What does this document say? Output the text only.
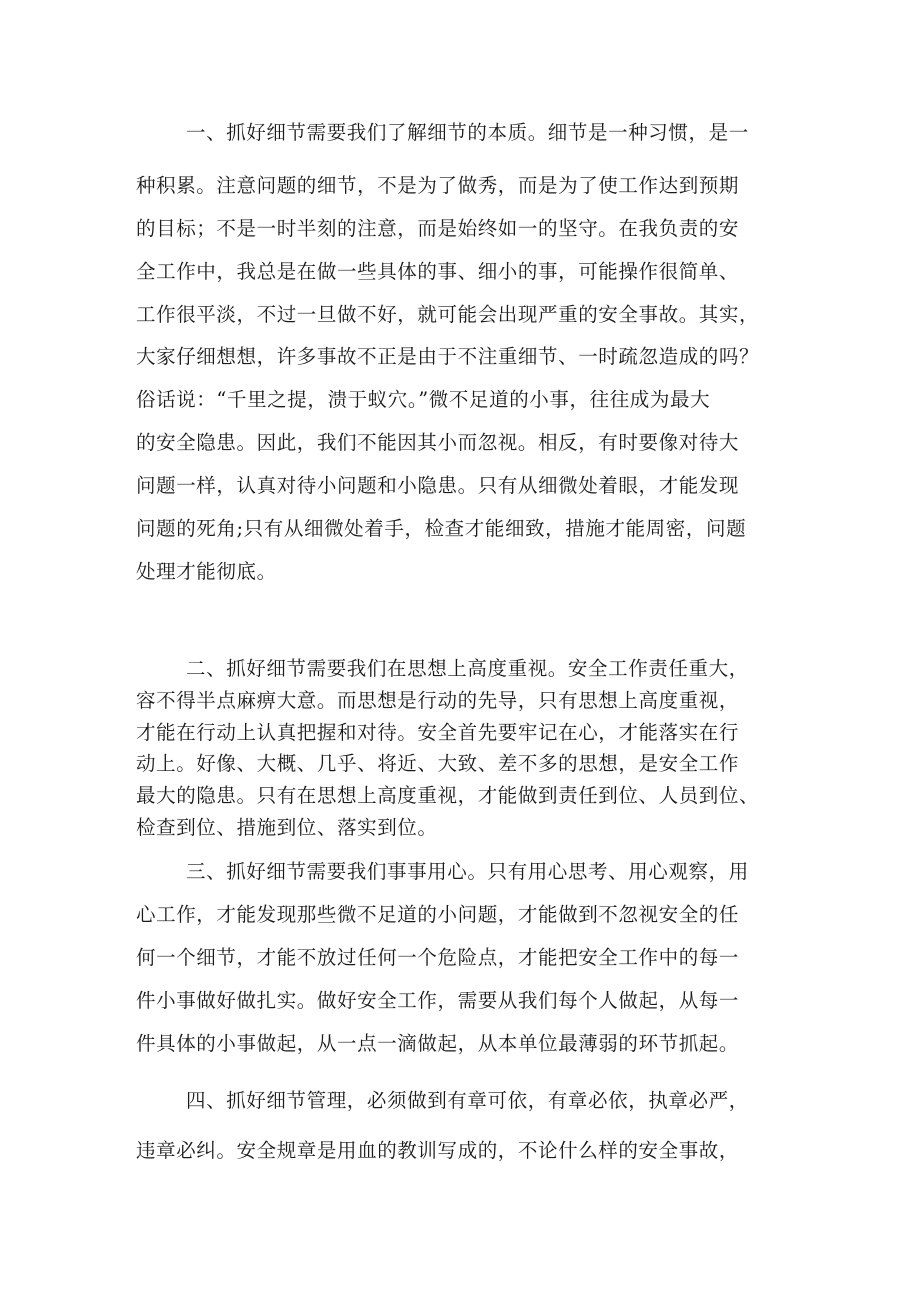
一、抓好细节需要我们了解细节的本质。细节是一种习惯，是一
种积累。注意问题的细节，不是为了做秀，而是为了使工作达到预期
的目标；不是一时半刻的注意，而是始终如一的坚守。在我负责的安
全工作中，我总是在做一些具体的事、细小的事，可能操作很简单、
工作很平淡，不过一旦做不好，就可能会出现严重的安全事故。其实，
大家仔细想想，许多事故不正是由于不注重细节、一时疏忽造成的吗？
俗话说：“千里之提，溃于蚁穴。”微不足道的小事，往往成为最大
的安全隐患。因此，我们不能因其小而忽视。相反，有时要像对待大
问题一样，认真对待小问题和小隐患。只有从细微处着眼，才能发现
问题的死角;只有从细微处着手，检查才能细致，措施才能周密，问题
处理才能彻底。
二、抓好细节需要我们在思想上高度重视。安全工作责任重大，
容不得半点麻痹大意。而思想是行动的先导，只有思想上高度重视，
才能在行动上认真把握和对待。安全首先要牢记在心，才能落实在行
动上。好像、大概、几乎、将近、大致、差不多的思想，是安全工作
最大的隐患。只有在思想上高度重视，才能做到责任到位、人员到位、
检查到位、措施到位、落实到位。
三、抓好细节需要我们事事用心。只有用心思考、用心观察，用
心工作，才能发现那些微不足道的小问题，才能做到不忽视安全的任
何一个细节，才能不放过任何一个危险点，才能把安全工作中的每一
件小事做好做扎实。做好安全工作，需要从我们每个人做起，从每一
件具体的小事做起，从一点一滴做起，从本单位最薄弱的环节抓起。
四、抓好细节管理，必须做到有章可依，有章必依，执章必严，
违章必纠。安全规章是用血的教训写成的，不论什么样的安全事故，
